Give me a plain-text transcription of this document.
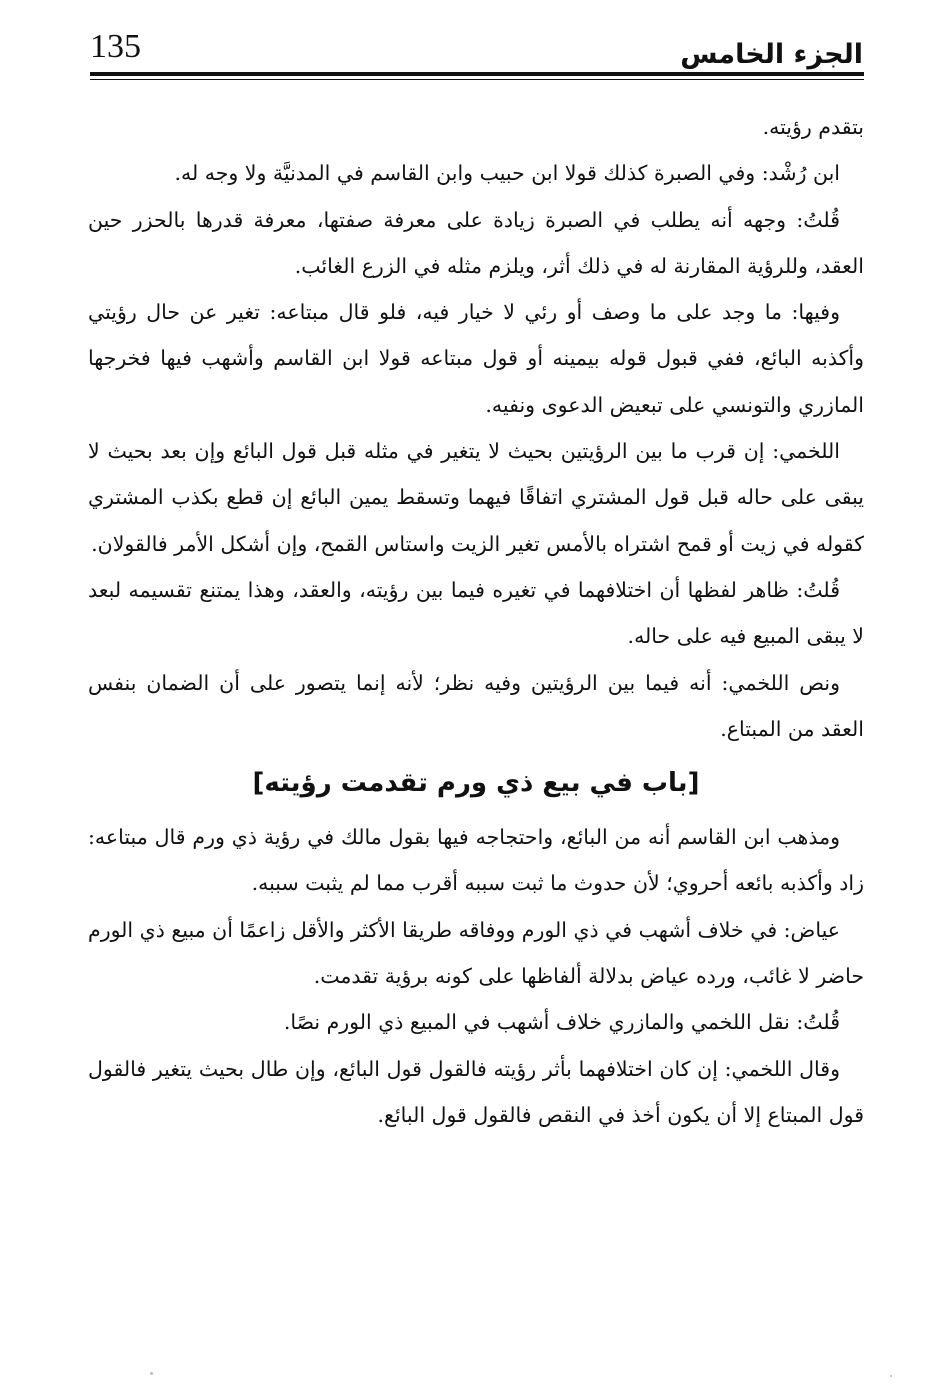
الجزء الخامس
135

بتقدم رؤيته.

ابن رُشْد: وفي الصبرة كذلك قولا ابن حبيب وابن القاسم في المدنيَّة ولا وجه له.

قُلتُ: وجهه أنه يطلب في الصبرة زيادة على معرفة صفتها، معرفة قدرها بالحزر حين العقد، وللرؤية المقارنة له في ذلك أثر، ويلزم مثله في الزرع الغائب.

وفيها: ما وجد على ما وصف أو رئي لا خيار فيه، فلو قال مبتاعه: تغير عن حال رؤيتي وأكذبه البائع، ففي قبول قوله بيمينه أو قول مبتاعه قولا ابن القاسم وأشهب فيها فخرجها المازري والتونسي على تبعيض الدعوى ونفيه.

اللخمي: إن قرب ما بين الرؤيتين بحيث لا يتغير في مثله قبل قول البائع وإن بعد بحيث لا يبقى على حاله قبل قول المشتري اتفاقًا فيهما وتسقط يمين البائع إن قطع بكذب المشتري كقوله في زيت أو قمح اشتراه بالأمس تغير الزيت واستاس القمح، وإن أشكل الأمر فالقولان.

قُلتُ: ظاهر لفظها أن اختلافهما في تغيره فيما بين رؤيته، والعقد، وهذا يمتنع تقسيمه لبعد لا يبقى المبيع فيه على حاله.

ونص اللخمي: أنه فيما بين الرؤيتين وفيه نظر؛ لأنه إنما يتصور على أن الضمان بنفس العقد من المبتاع.

[باب في بيع ذي ورم تقدمت رؤيته]

ومذهب ابن القاسم أنه من البائع، واحتجاجه فيها بقول مالك في رؤية ذي ورم قال مبتاعه: زاد وأكذبه بائعه أحروي؛ لأن حدوث ما ثبت سببه أقرب مما لم يثبت سببه.

عياض: في خلاف أشهب في ذي الورم ووفاقه طريقا الأكثر والأقل زاعمًا أن مبيع ذي الورم حاضر لا غائب، ورده عياض بدلالة ألفاظها على كونه برؤية تقدمت.

قُلتُ: نقل اللخمي والمازري خلاف أشهب في المبيع ذي الورم نصًا.

وقال اللخمي: إن كان اختلافهما بأثر رؤيته فالقول قول البائع، وإن طال بحيث يتغير فالقول قول المبتاع إلا أن يكون أخذ في النقص فالقول قول البائع.
